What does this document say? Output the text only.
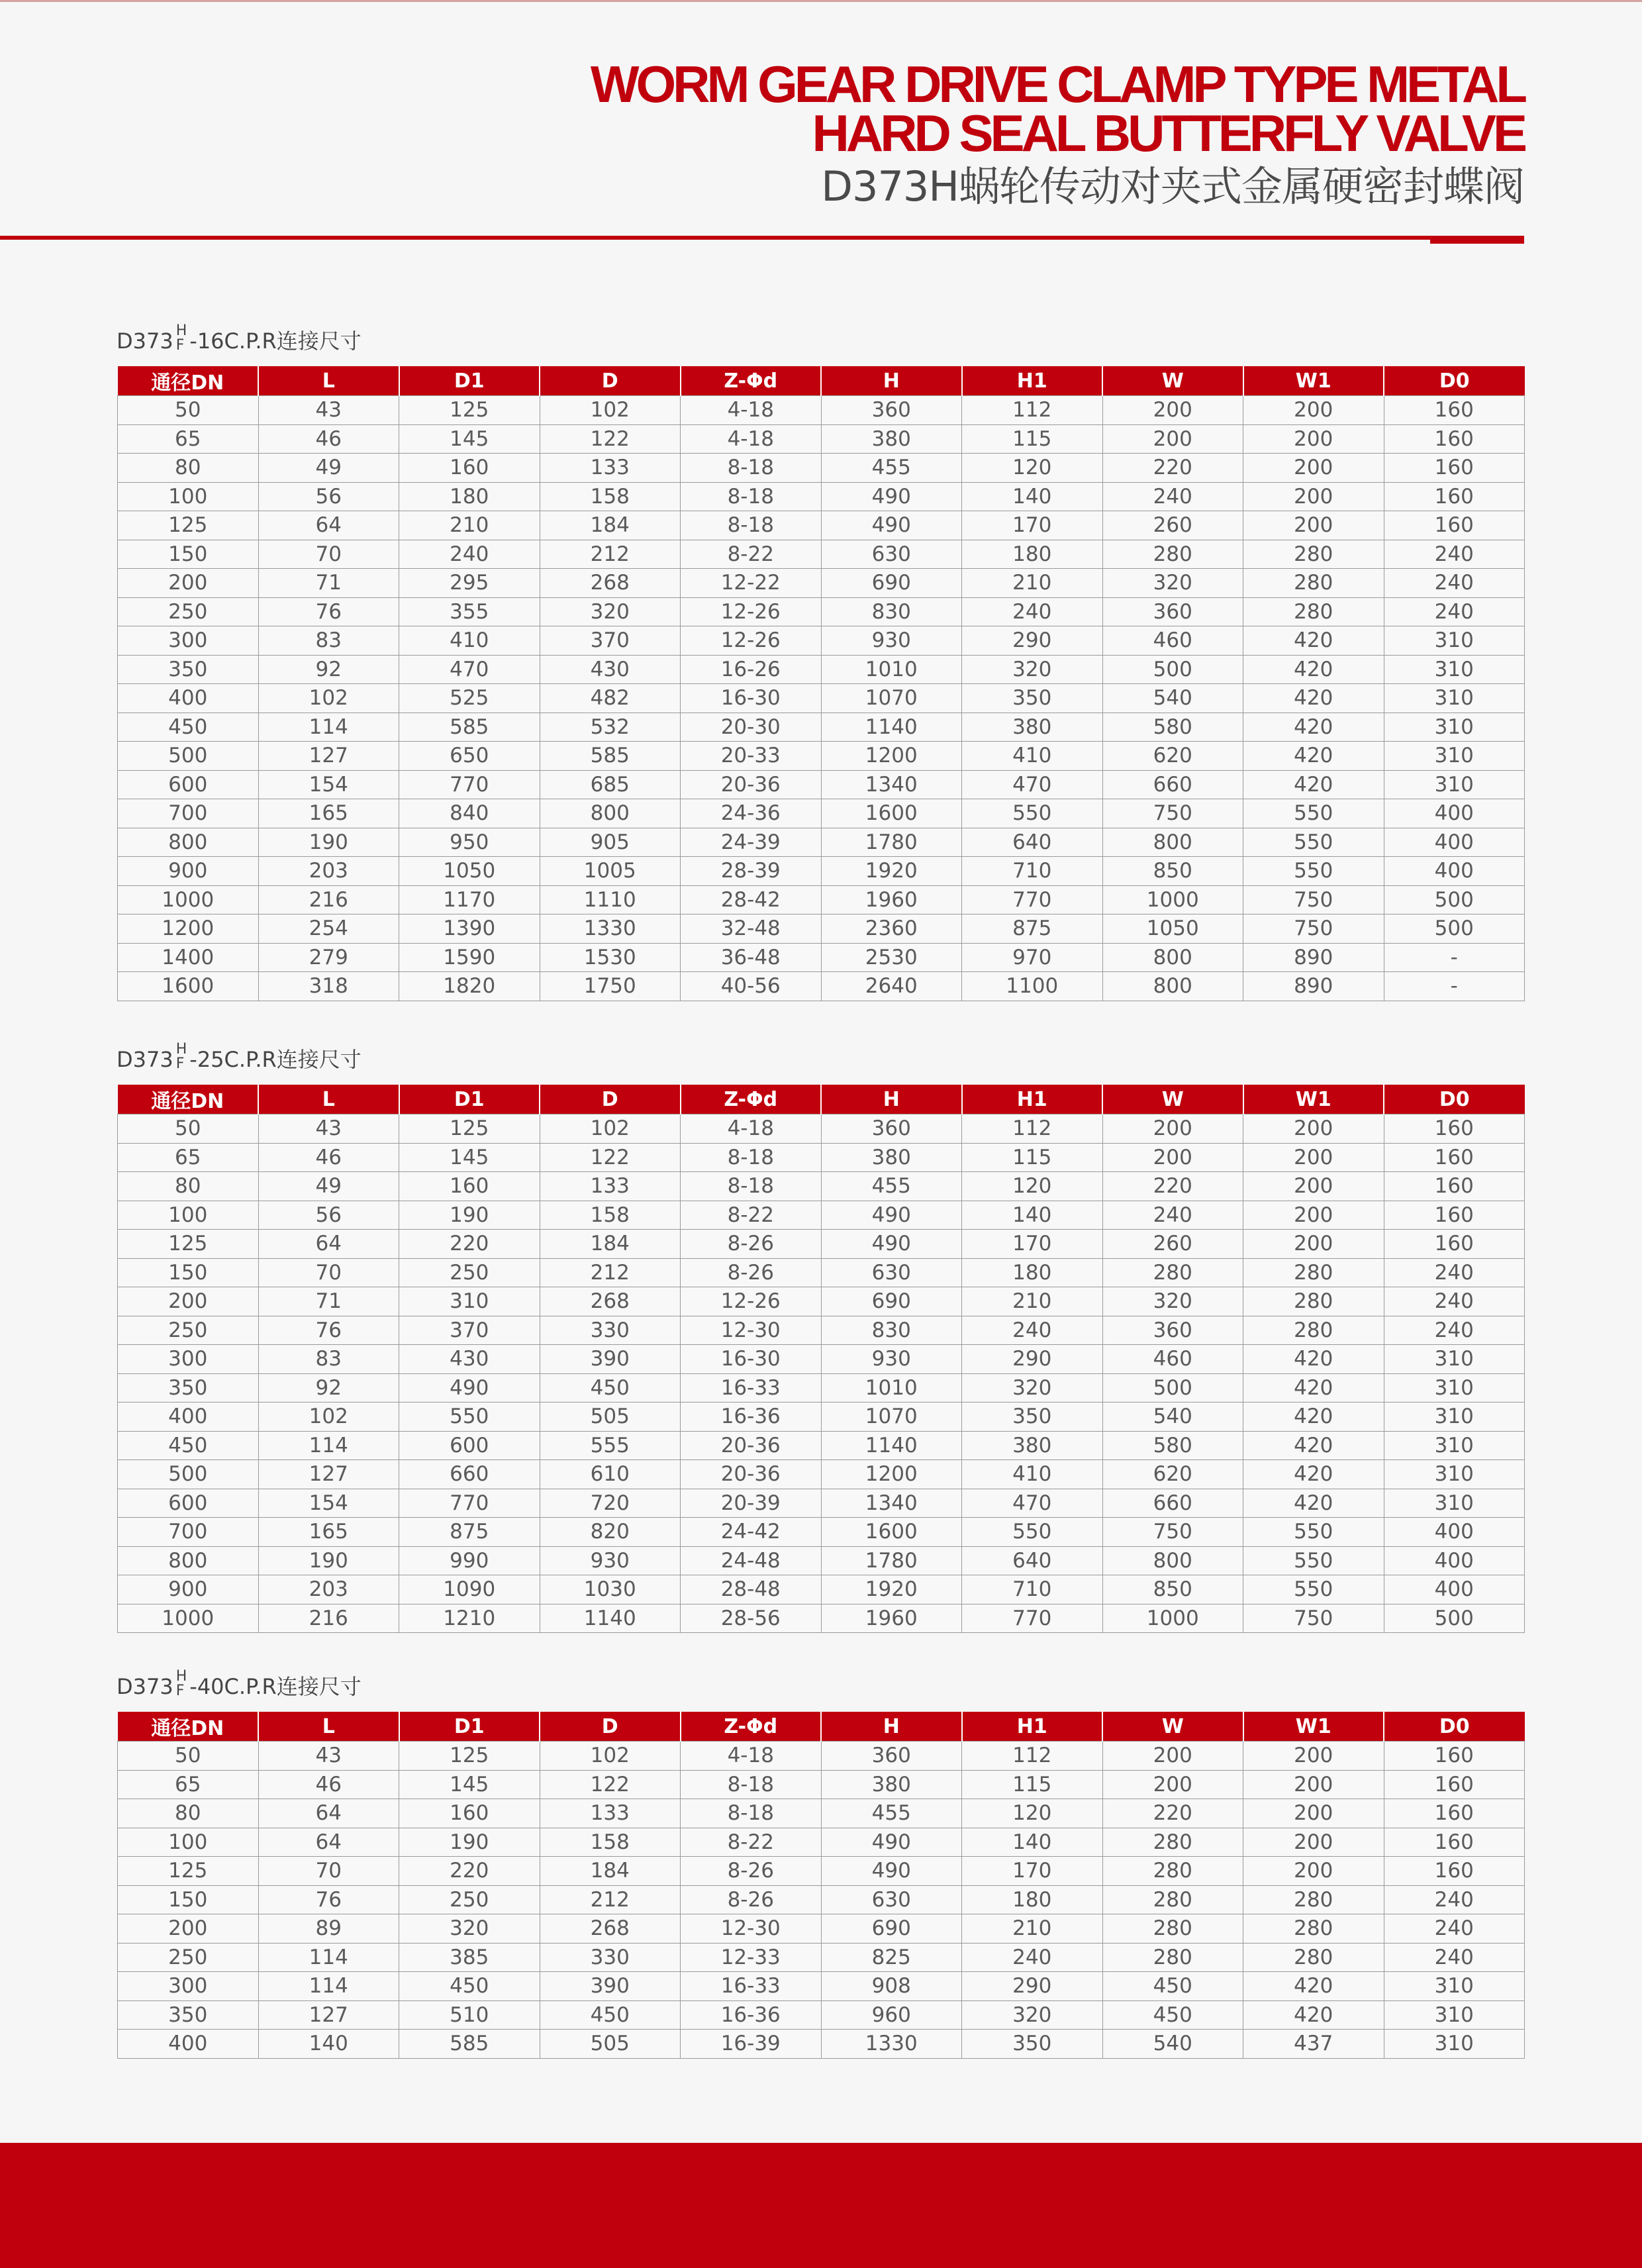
WORM GEAR DRIVE CLAMP TYPE METAL
HARD SEAL BUTTERFLY VALVE
D373H蜗轮传动对夹式金属硬密封蝶阀
D373 H
F -16C.P.R连接尺寸
通径DN	L	D1	D	Z-Φd	H	H1	W	W1	D0
50	43	125	102	4-18	360	112	200	200	160
65	46	145	122	4-18	380	115	200	200	160
80	49	160	133	8-18	455	120	220	200	160
100	56	180	158	8-18	490	140	240	200	160
125	64	210	184	8-18	490	170	260	200	160
150	70	240	212	8-22	630	180	280	280	240
200	71	295	268	12-22	690	210	320	280	240
250	76	355	320	12-26	830	240	360	280	240
300	83	410	370	12-26	930	290	460	420	310
350	92	470	430	16-26	1010	320	500	420	310
400	102	525	482	16-30	1070	350	540	420	310
450	114	585	532	20-30	1140	380	580	420	310
500	127	650	585	20-33	1200	410	620	420	310
600	154	770	685	20-36	1340	470	660	420	310
700	165	840	800	24-36	1600	550	750	550	400
800	190	950	905	24-39	1780	640	800	550	400
900	203	1050	1005	28-39	1920	710	850	550	400
1000	216	1170	1110	28-42	1960	770	1000	750	500
1200	254	1390	1330	32-48	2360	875	1050	750	500
1400	279	1590	1530	36-48	2530	970	800	890	-
1600	318	1820	1750	40-56	2640	1100	800	890	-
D373 H
F -25C.P.R连接尺寸
通径DN	L	D1	D	Z-Φd	H	H1	W	W1	D0
50	43	125	102	4-18	360	112	200	200	160
65	46	145	122	8-18	380	115	200	200	160
80	49	160	133	8-18	455	120	220	200	160
100	56	190	158	8-22	490	140	240	200	160
125	64	220	184	8-26	490	170	260	200	160
150	70	250	212	8-26	630	180	280	280	240
200	71	310	268	12-26	690	210	320	280	240
250	76	370	330	12-30	830	240	360	280	240
300	83	430	390	16-30	930	290	460	420	310
350	92	490	450	16-33	1010	320	500	420	310
400	102	550	505	16-36	1070	350	540	420	310
450	114	600	555	20-36	1140	380	580	420	310
500	127	660	610	20-36	1200	410	620	420	310
600	154	770	720	20-39	1340	470	660	420	310
700	165	875	820	24-42	1600	550	750	550	400
800	190	990	930	24-48	1780	640	800	550	400
900	203	1090	1030	28-48	1920	710	850	550	400
1000	216	1210	1140	28-56	1960	770	1000	750	500
D373 H
F -40C.P.R连接尺寸
通径DN	L	D1	D	Z-Φd	H	H1	W	W1	D0
50	43	125	102	4-18	360	112	200	200	160
65	46	145	122	8-18	380	115	200	200	160
80	64	160	133	8-18	455	120	220	200	160
100	64	190	158	8-22	490	140	280	200	160
125	70	220	184	8-26	490	170	280	200	160
150	76	250	212	8-26	630	180	280	280	240
200	89	320	268	12-30	690	210	280	280	240
250	114	385	330	12-33	825	240	280	280	240
300	114	450	390	16-33	908	290	450	420	310
350	127	510	450	16-36	960	320	450	420	310
400	140	585	505	16-39	1330	350	540	437	310
